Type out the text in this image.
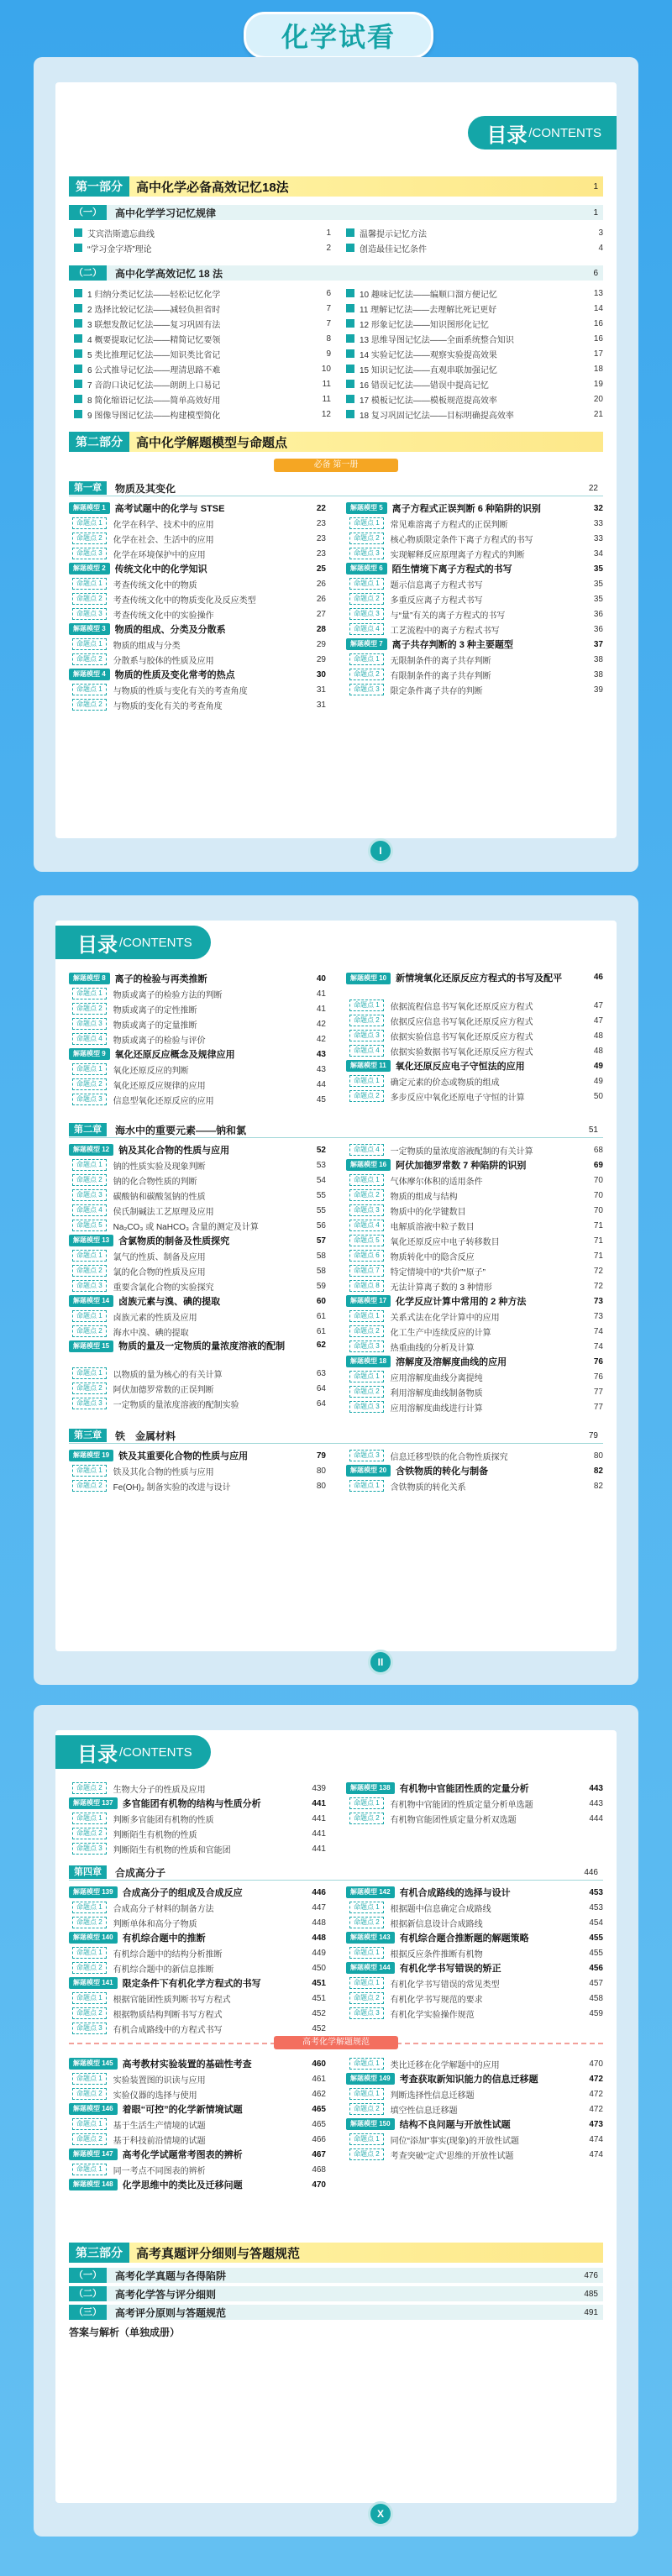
化学试看
目录 /CONTENTS
第一部分	高中化学必备高效记忆18法	1
（一）	高中化学学习记忆规律	1
艾宾浩斯遗忘曲线	1
“学习金字塔”理论	2
温馨提示记忆方法	3
创造最佳记忆条件	4
（二）	高中化学高效记忆 18 法	6
1 归纳分类记忆法——轻松记忆化学	6
2 选择比较记忆法——减轻负担省时	7
3 联想发散记忆法——复习巩固有法	7
4 概要提取记忆法——精简记忆要领	8
5 类比推理记忆法——知识类比省记	9
6 公式推导记忆法——理清思路不难	10
7 音韵口诀记忆法——朗朗上口易记	11
8 简化缩语记忆法——简单高效好用	11
9 图像导图记忆法——构建模型简化	12
10 趣味记忆法——编顺口溜方便记忆	13
11 理解记忆法——去理解比死记更好	14
12 形象记忆法——知识图形化记忆	16
13 思维导图记忆法——全面系统整合知识	16
14 实验记忆法——观察实验提高效果	17
15 知识记忆法——直观串联加强记忆	18
16 错误记忆法——错误中提高记忆	19
17 模板记忆法——模板规范提高效率	20
18 复习巩固记忆法——目标明确提高效率	21
第二部分	高中化学解题模型与命题点
必备 第一册
第一章	物质及其变化	22
解题模型 1	高考试题中的化学与 STSE	22
命题点 1	化学在科学、技术中的应用	23
命题点 2	化学在社会、生活中的应用	23
命题点 3	化学在环境保护中的应用	23
解题模型 2	传统文化中的化学知识	25
命题点 1	考查传统文化中的物质	26
命题点 2	考查传统文化中的物质变化及反应类型	26
命题点 3	考查传统文化中的实验操作	27
解题模型 3	物质的组成、分类及分散系	28
命题点 1	物质的组成与分类	29
命题点 2	分散系与胶体的性质及应用	29
解题模型 4	物质的性质及变化常考的热点	30
命题点 1	与物质的性质与变化有关的考查角度	31
命题点 2	与物质的变化有关的考查角度	31
解题模型 5	离子方程式正误判断 6 种陷阱的识别	32
命题点 1	常见难溶离子方程式的正误判断	33
命题点 2	核心物质限定条件下离子方程式的书写	33
命题点 3	实现解释反应原理离子方程式的判断	34
解题模型 6	陌生情境下离子方程式的书写	35
命题点 1	题示信息离子方程式书写	35
命题点 2	多重反应离子方程式书写	35
命题点 3	与“量”有关的离子方程式的书写	36
命题点 4	工艺流程中的离子方程式书写	36
解题模型 7	离子共存判断的 3 种主要题型	37
命题点 1	无限制条件的离子共存判断	38
命题点 2	有限制条件的离子共存判断	38
命题点 3	限定条件离子共存的判断	39
I
目录 /CONTENTS
解题模型 8	离子的检验与再类推断	40
命题点 1	物质或离子的检验方法的判断	41
命题点 2	物质或离子的定性推断	41
命题点 3	物质或离子的定量推断	42
命题点 4	物质或离子的检验与评价	42
解题模型 9	氧化还原反应概念及规律应用	43
命题点 1	氧化还原反应的判断	43
命题点 2	氧化还原反应规律的应用	44
命题点 3	信息型氧化还原反应的应用	45
解题模型 10	新情境氧化还原反应方程式的书写及配平	46
命题点 1	依据流程信息书写氧化还原反应方程式	47
命题点 2	依据反应信息书写氧化还原反应方程式	47
命题点 3	依据实验信息书写氧化还原反应方程式	48
命题点 4	依据实验数据书写氧化还原反应方程式	48
解题模型 11	氧化还原反应电子守恒法的应用	49
命题点 1	确定元素的价态或物质的组成	49
命题点 2	多步反应中氧化还原电子守恒的计算	50
第二章	海水中的重要元素——钠和氯	51
解题模型 12	钠及其化合物的性质与应用	52
命题点 1	钠的性质实验及现象判断	53
命题点 2	钠的化合物性质的判断	54
命题点 3	碳酸钠和碳酸氢钠的性质	55
命题点 4	侯氏制碱法工艺原理及应用	55
命题点 5	Na₂CO₃ 或 NaHCO₃ 含量的测定及计算	56
解题模型 13	含氯物质的制备及性质探究	57
命题点 1	氯气的性质、制备及应用	58
命题点 2	氯的化合物的性质及应用	58
命题点 3	重要含氯化合物的实验探究	59
解题模型 14	卤族元素与溴、碘的提取	60
命题点 1	卤族元素的性质及应用	61
命题点 2	海水中溴、碘的提取	61
解题模型 15	物质的量及一定物质的量浓度溶液的配制	62
命题点 1	以物质的量为核心的有关计算	63
命题点 2	阿伏加德罗常数的正误判断	64
命题点 3	一定物质的量浓度溶液的配制实验	64
命题点 4	一定物质的量浓度溶液配制的有关计算	68
解题模型 16	阿伏加德罗常数 7 种陷阱的识别	69
命题点 1	气体摩尔体积的适用条件	70
命题点 2	物质的组成与结构	70
命题点 3	物质中的化学键数目	70
命题点 4	电解质溶液中粒子数目	71
命题点 5	氧化还原反应中电子转移数目	71
命题点 6	物质转化中的隐含反应	71
命题点 7	特定情境中的“共价”“原子”	72
命题点 8	无法计算离子数的 3 种情形	72
解题模型 17	化学反应计算中常用的 2 种方法	73
命题点 1	关系式法在化学计算中的应用	73
命题点 2	化工生产中连续反应的计算	74
命题点 3	热重曲线的分析及计算	74
解题模型 18	溶解度及溶解度曲线的应用	76
命题点 1	应用溶解度曲线分离提纯	76
命题点 2	利用溶解度曲线制备物质	77
命题点 3	应用溶解度曲线进行计算	77
第三章	铁　金属材料	79
解题模型 19	铁及其重要化合物的性质与应用	79
命题点 1	铁及其化合物的性质与应用	80
命题点 2	Fe(OH)₂ 制备实验的改进与设计	80
命题点 3	信息迁移型铁的化合物性质探究	80
解题模型 20	含铁物质的转化与制备	82
命题点 1	含铁物质的转化关系	82
II
目录 /CONTENTS
命题点 2	生物大分子的性质及应用	439
解题模型 137	多官能团有机物的结构与性质分析	441
命题点 1	判断多官能团有机物的性质	441
命题点 2	判断陌生有机物的性质	441
命题点 3	判断陌生有机物的性质和官能团	441
解题模型 138	有机物中官能团性质的定量分析	443
命题点 1	有机物中官能团的性质定量分析单选题	443
命题点 2	有机物官能团性质定量分析双选题	444
第四章	合成高分子	446
解题模型 139	合成高分子的组成及合成反应	446
命题点 1	合成高分子材料的制备方法	447
命题点 2	判断单体和高分子物质	448
解题模型 140	有机综合题中的推断	448
命题点 1	有机综合题中的结构分析推断	449
命题点 2	有机综合题中的新信息推断	450
解题模型 141	限定条件下有机化学方程式的书写	451
命题点 1	根据官能团性质判断书写方程式	451
命题点 2	根据物质结构判断书写方程式	452
命题点 3	有机合成路线中的方程式书写	452
解题模型 142	有机合成路线的选择与设计	453
命题点 1	根据题中信息确定合成路线	453
命题点 2	根据新信息设计合成路线	454
解题模型 143	有机综合题合推断题的解题策略	455
命题点 1	根据反应条件推断有机物	455
解题模型 144	有机化学书写错误的矫正	456
命题点 1	有机化学书写错误的常见类型	457
命题点 2	有机化学书写规范的要求	458
命题点 3	有机化学实验操作规范	459
高考化学解题规范
解题模型 145	高考教材实验装置的基础性考查	460
命题点 1	实验装置图的识读与应用	461
命题点 2	实验仪器的选择与使用	462
解题模型 146	着眼“可控”的化学新情境试题	465
命题点 1	基于生活生产情境的试题	465
命题点 2	基于科技前沿情境的试题	466
解题模型 147	高考化学试题常考图表的辨析	467
命题点 1	同一考点不同图表的辨析	468
解题模型 148	化学思维中的类比及迁移问题	470
命题点 1	类比迁移在化学解题中的应用	470
解题模型 149	考查获取新知识能力的信息迁移题	472
命题点 1	判断选择性信息迁移题	472
命题点 2	填空性信息迁移题	472
解题模型 150	结构不良问题与开放性试题	473
命题点 1	同位“添加”事实(现象)的开放性试题	474
命题点 2	考查突破“定式”思维的开放性试题	474
第三部分	高考真题评分细则与答题规范
（一）	高考化学真题与各得陷阱	476
（二）	高考化学答与评分细则	485
（三）	高考评分原则与答题规范	491
答案与解析（单独成册）
X
